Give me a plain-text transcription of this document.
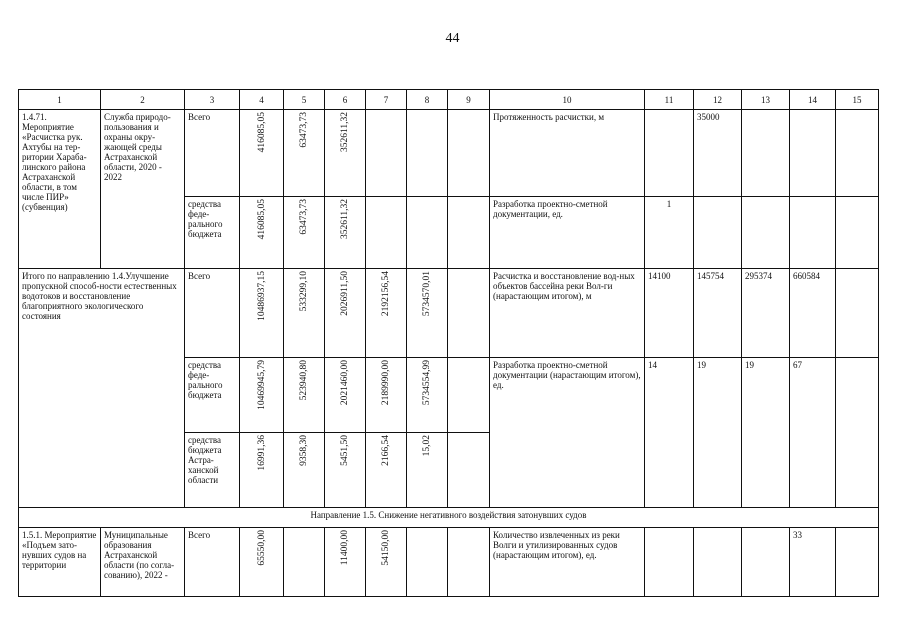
44
1	2	3	4	5	6	7	8	9	10	11	12	13	14	15
1.4.71. Мероприятие «Расчистка рук. Ахтубы на тер-ритории Хараба-линского района Астраханской области, в том числе ПИР» (субвенция)	Служба природо-пользования и охраны окру-жающей среды Астраханской области, 2020 - 2022	Всего	416085,05	63473,73	352611,32				Протяженность расчистки, м		35000			
		средства феде-рального бюджета	416085,05	63473,73	352611,32				Разработка проектно-сметной документации, ед.	1				
Итого по направлению 1.4.Улучшение пропускной способ-ности естественных водотоков и восстановление благоприятного экологического состояния		Всего	10486937,15	533299,10	2026911,50	2192156,54	5734570,01		Расчистка и восстановление вод-ных объектов бассейна реки Вол-ги (нарастающим итогом), м	14100	145754	295374	660584	
		средства феде-рального бюджета	10469945,79	523940,80	2021460,00	2189990,00	5734554,99		Разработка проектно-сметной документации (нарастающим итогом), ед.	14	19	19	67	
		средства бюджета Астра-ханской области	16991,36	9358,30	5451,50	2166,54	15,02							
Направление 1.5. Снижение негативного воздействия затонувших судов														
1.5.1. Мероприятие «Подъем зато-нувших судов на территории	Муниципальные образования Астраханской области (по согла-сованию), 2022 -	Всего	65550,00		11400,00	54150,00			Количество извлеченных из реки Волги и утилизированных судов (нарастающим итогом), ед.				33	
